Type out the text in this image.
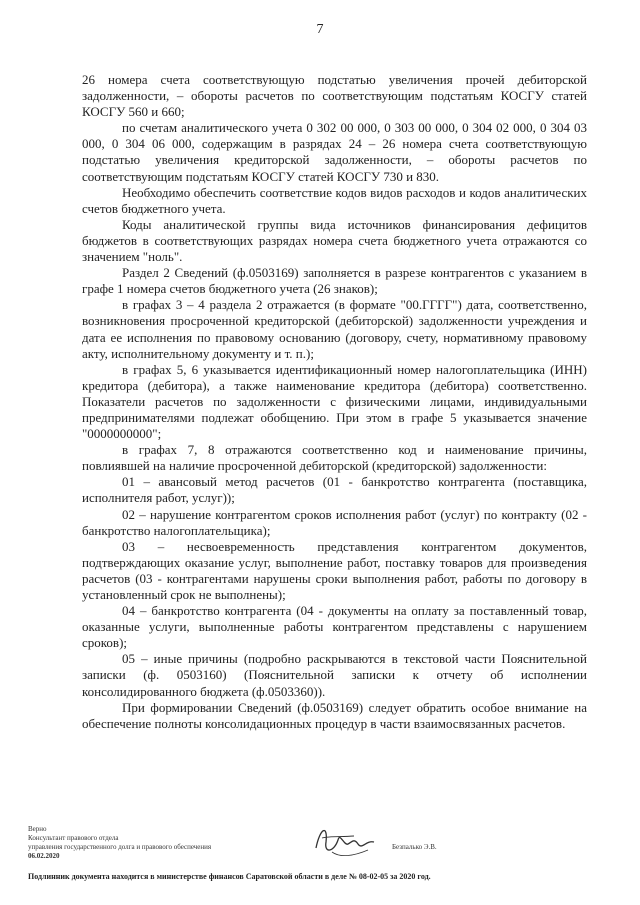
7

26 номера счета соответствующую подстатью увеличения прочей дебиторской задолженности, – обороты расчетов по соответствующим подстатьям КОСГУ статей КОСГУ 560 и 660;

по счетам аналитического учета 0 302 00 000, 0 303 00 000, 0 304 02 000, 0 304 03 000, 0 304 06 000, содержащим в разрядах 24 – 26 номера счета соответствующую подстатью увеличения кредиторской задолженности, – обороты расчетов по соответствующим подстатьям КОСГУ статей КОСГУ 730 и 830.

Необходимо обеспечить соответствие кодов видов расходов и кодов аналитических счетов бюджетного учета.

Коды аналитической группы вида источников финансирования дефицитов бюджетов в соответствующих разрядах номера счета бюджетного учета отражаются со значением "ноль".

Раздел 2 Сведений (ф.0503169) заполняется в разрезе контрагентов с указанием в графе 1 номера счетов бюджетного учета (26 знаков);

в графах 3 – 4 раздела 2 отражается (в формате "00.ГГГГ") дата, соответственно, возникновения просроченной кредиторской (дебиторской) задолженности учреждения и дата ее исполнения по правовому основанию (договору, счету, нормативному правовому акту, исполнительному документу и т. п.);

в графах 5, 6 указывается идентификационный номер налогоплательщика (ИНН) кредитора (дебитора), а также наименование кредитора (дебитора) соответственно. Показатели расчетов по задолженности с физическими лицами, индивидуальными предпринимателями подлежат обобщению. При этом в графе 5 указывается значение "0000000000";

в графах 7, 8 отражаются соответственно код и наименование причины, повлиявшей на наличие просроченной дебиторской (кредиторской) задолженности:

01 – авансовый метод расчетов (01 - банкротство контрагента (поставщика, исполнителя работ, услуг));

02 – нарушение контрагентом сроков исполнения работ (услуг) по контракту (02 - банкротство налогоплательщика);

03 – несвоевременность представления контрагентом документов, подтверждающих оказание услуг, выполнение работ, поставку товаров для произведения расчетов (03 - контрагентами нарушены сроки выполнения работ, работы по договору в установленный срок не выполнены);

04 – банкротство контрагента (04 - документы на оплату за поставленный товар, оказанные услуги, выполненные работы контрагентом представлены с нарушением сроков);

05 – иные причины (подробно раскрываются в текстовой части Пояснительной записки (ф. 0503160) (Пояснительной записки к отчету об исполнении консолидированного бюджета (ф.0503360)).

При формировании Сведений (ф.0503169) следует обратить особое внимание на обеспечение полноты консолидационных процедур в части взаимосвязанных расчетов.

Верно
Консультант правового отдела
управления государственного долга и правового обеспечения
06.02.2020
Безпалько Э.В.
Подлинник документа находится в министерстве финансов Саратовской области в деле № 08-02-05 за 2020 год.
